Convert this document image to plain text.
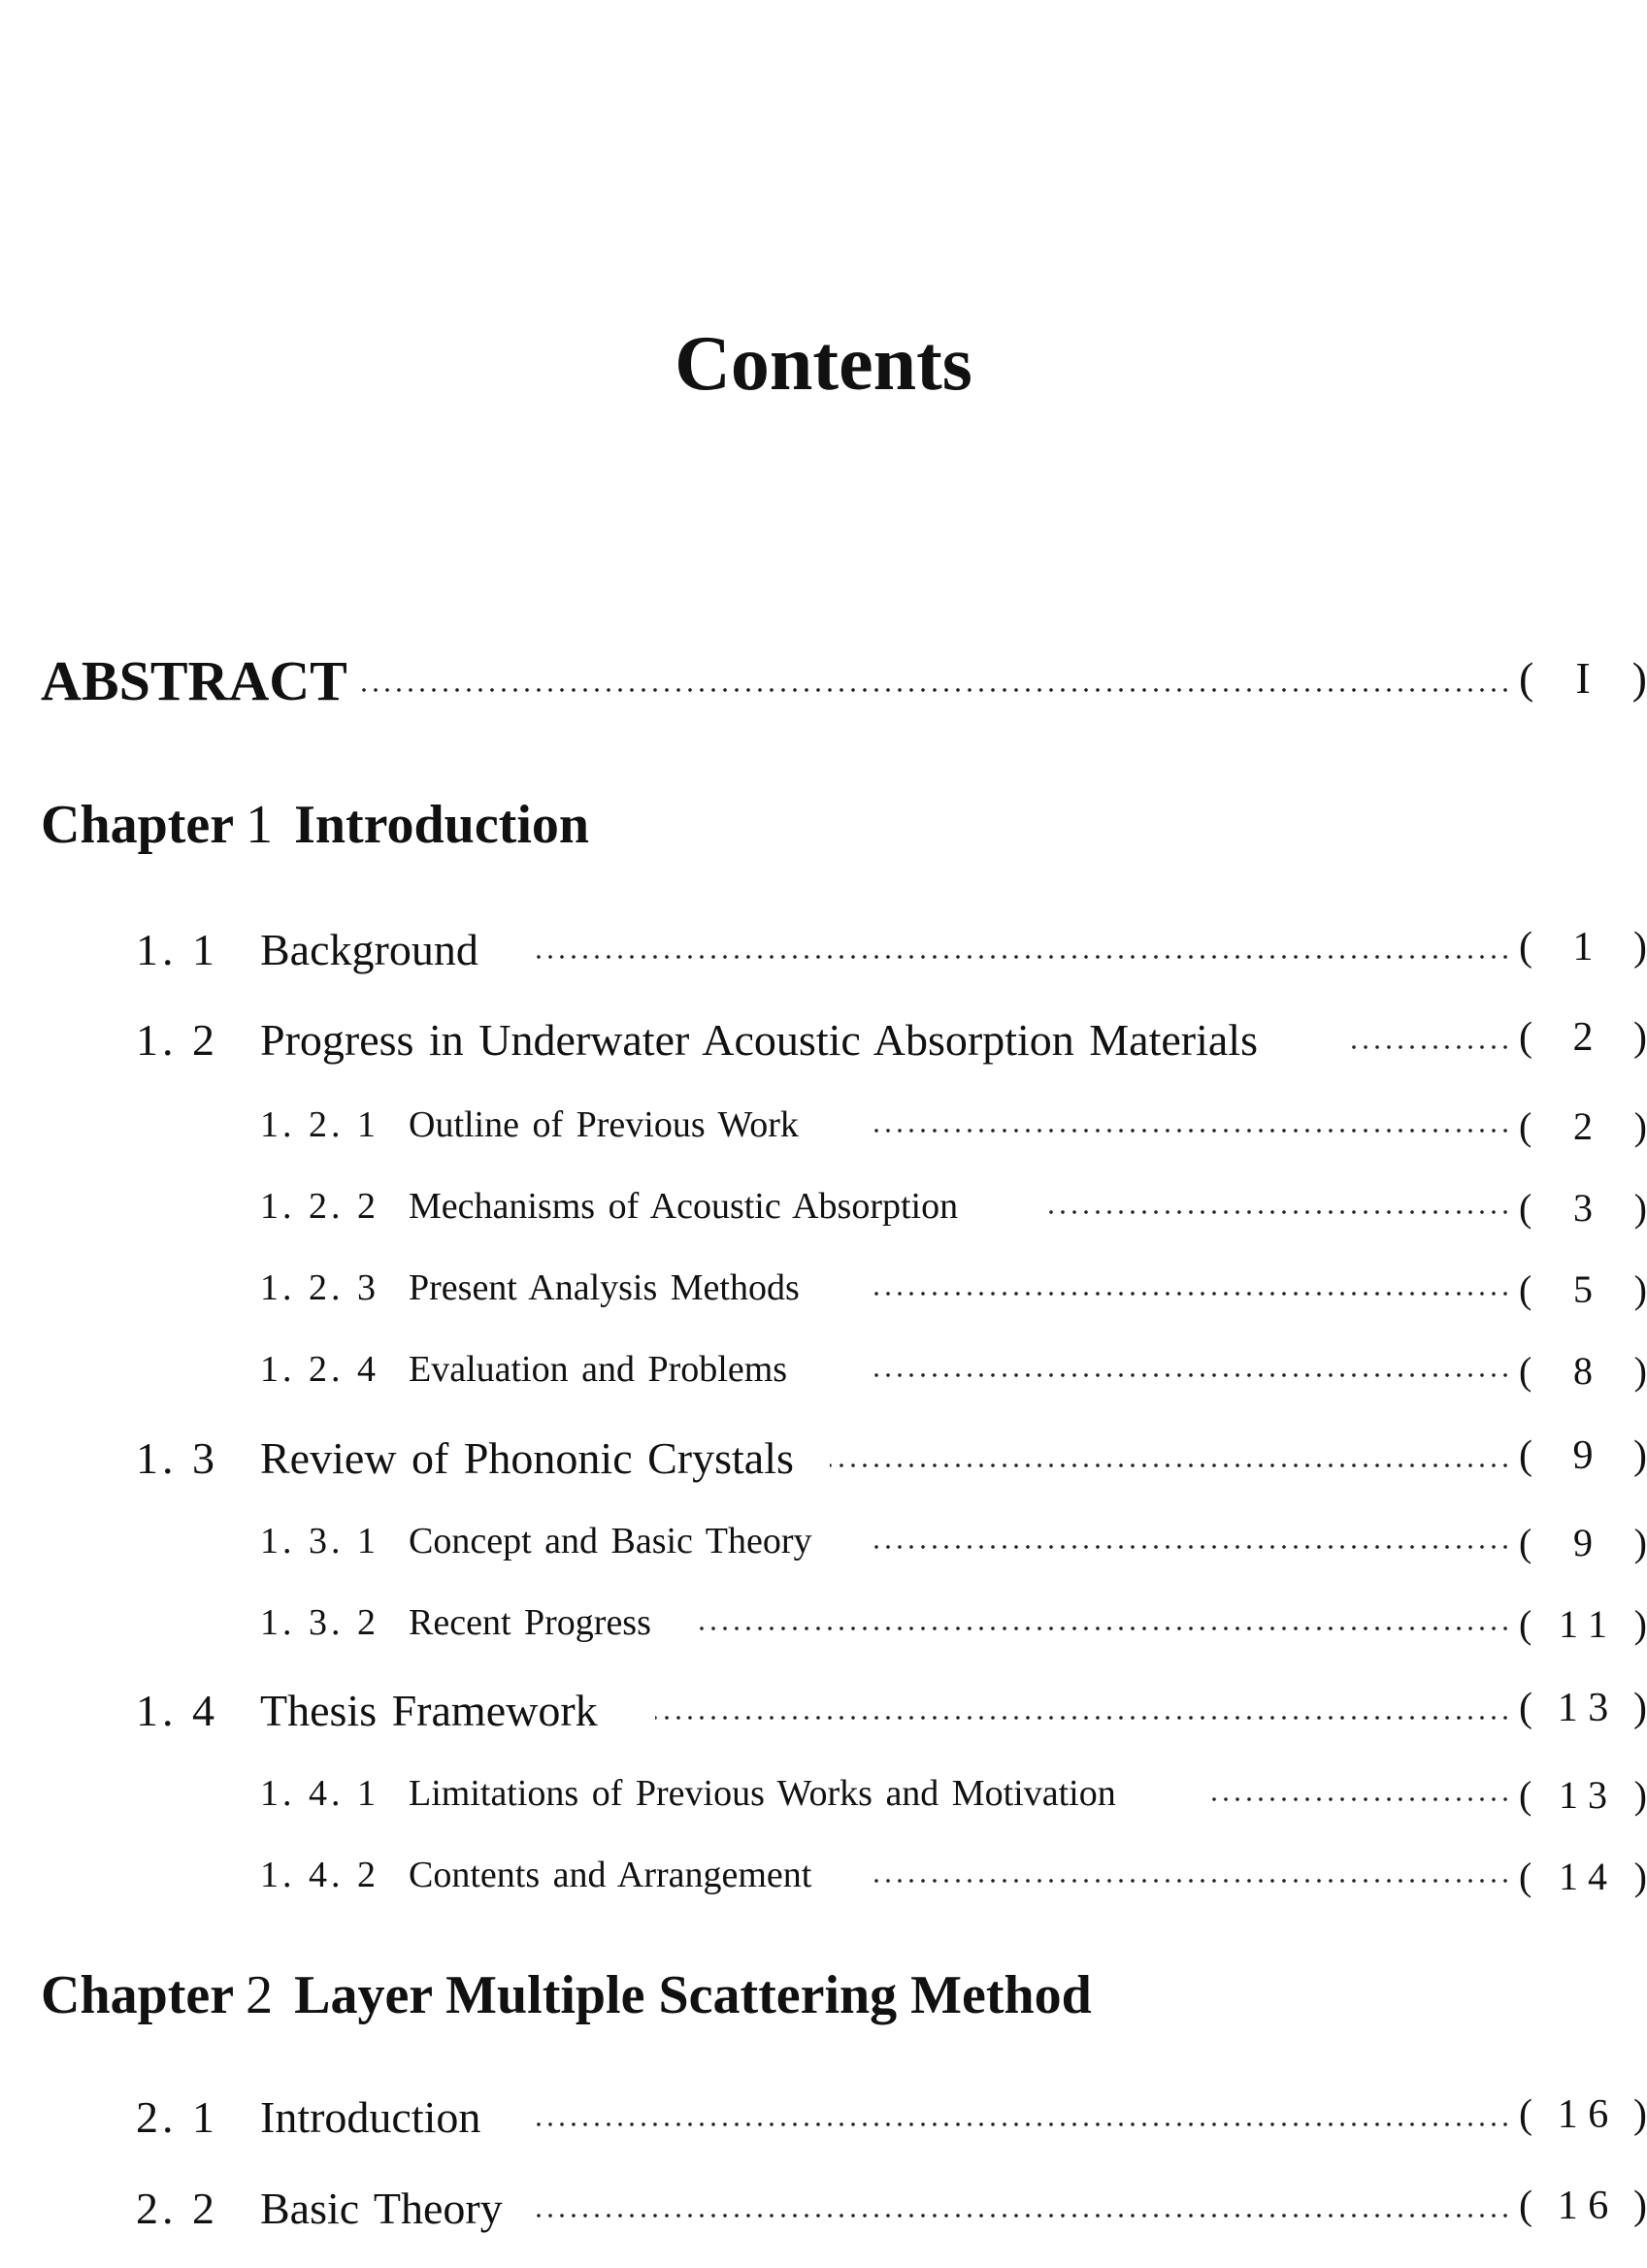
Contents
ABSTRACT	( I )
Chapter 1 Introduction
1. 1 Background	( 1 )
1. 2 Progress in Underwater Acoustic Absorption Materials	( 2 )
1. 2. 1 Outline of Previous Work	( 2 )
1. 2. 2 Mechanisms of Acoustic Absorption	( 3 )
1. 2. 3 Present Analysis Methods	( 5 )
1. 2. 4 Evaluation and Problems	( 8 )
1. 3 Review of Phononic Crystals	( 9 )
1. 3. 1 Concept and Basic Theory	( 9 )
1. 3. 2 Recent Progress	( 1 1 )
1. 4 Thesis Framework	( 1 3 )
1. 4. 1 Limitations of Previous Works and Motivation	( 1 3 )
1. 4. 2 Contents and Arrangement	( 1 4 )
Chapter 2 Layer Multiple Scattering Method
2. 1 Introduction	( 1 6 )
2. 2 Basic Theory	( 1 6 )
